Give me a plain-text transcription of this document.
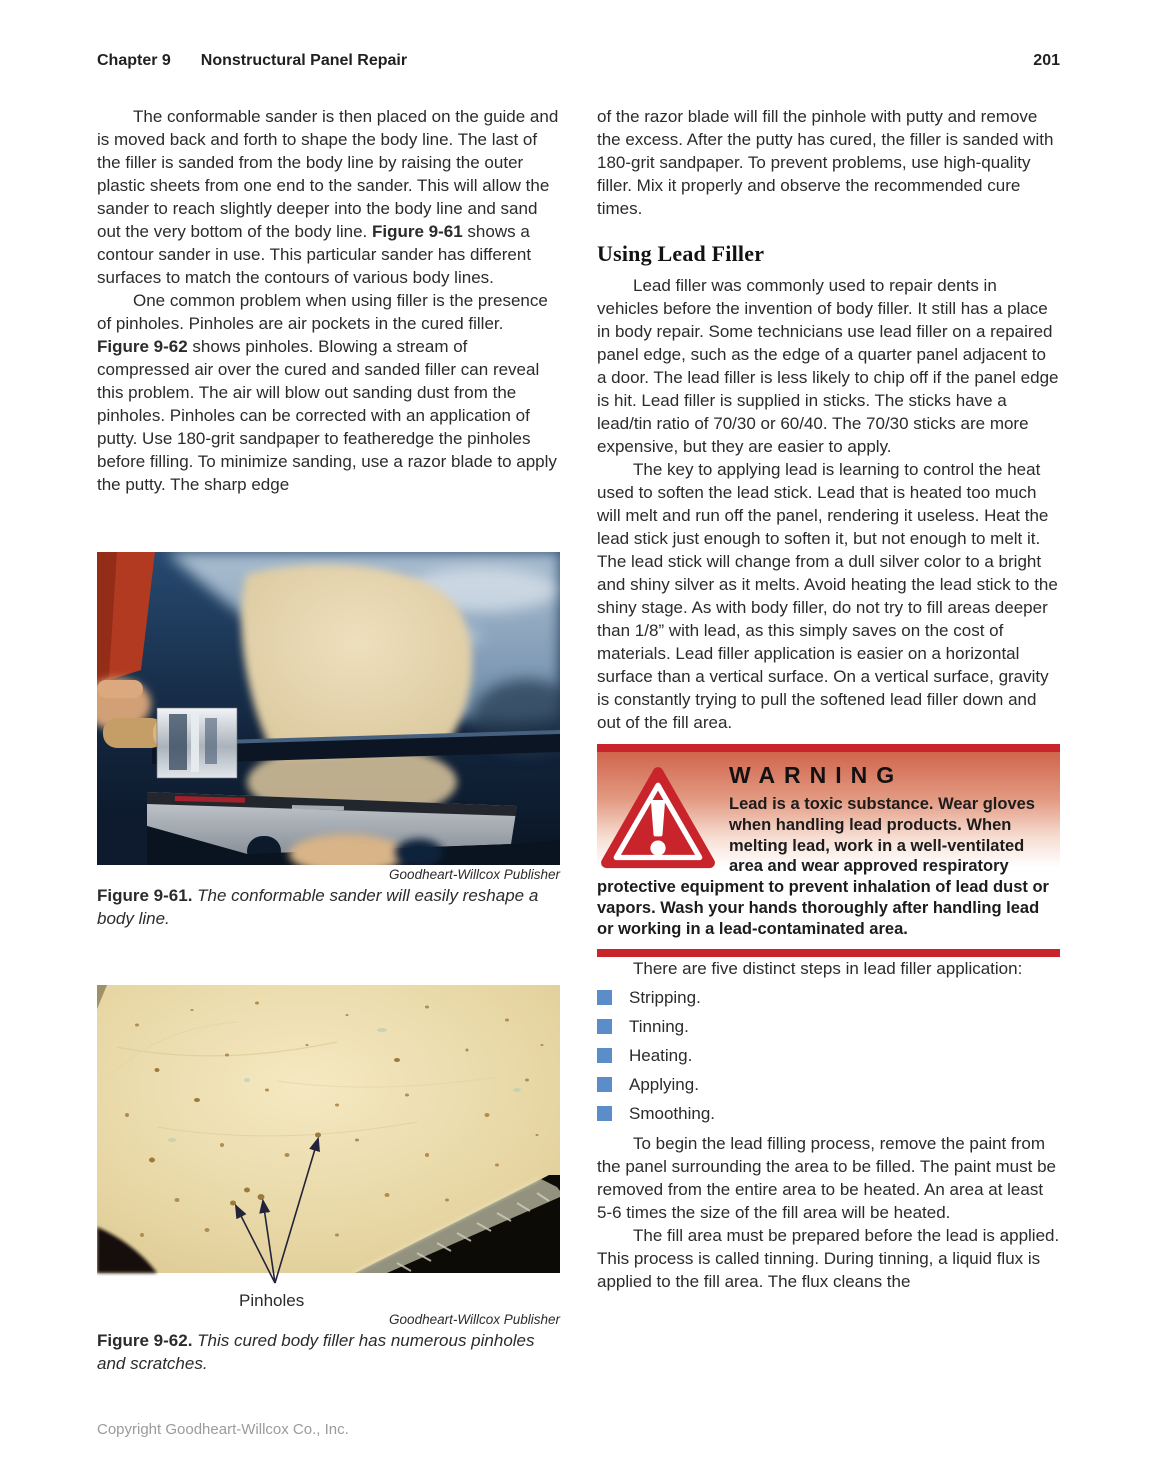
Chapter 9 Nonstructural Panel Repair	201

The conformable sander is then placed on the guide and is moved back and forth to shape the body line. The last of the filler is sanded from the body line by raising the outer plastic sheets from one end to the sander. This will allow the sander to reach slightly deeper into the body line and sand out the very bottom of the body line. Figure 9-61 shows a contour sander in use. This particular sander has different surfaces to match the contours of various body lines.

One common problem when using filler is the presence of pinholes. Pinholes are air pockets in the cured filler. Figure 9-62 shows pinholes. Blowing a stream of compressed air over the cured and sanded filler can reveal this problem. The air will blow out sanding dust from the pinholes. Pinholes can be corrected with an application of putty. Use 180-grit sandpaper to featheredge the pinholes before filling. To minimize sanding, use a razor blade to apply the putty. The sharp edge

Goodheart-Willcox Publisher

Figure 9-61. The conformable sander will easily reshape a body line.

Pinholes
Goodheart-Willcox Publisher

Figure 9-62. This cured body filler has numerous pinholes and scratches.

of the razor blade will fill the pinhole with putty and remove the excess. After the putty has cured, the filler is sanded with 180-grit sandpaper. To prevent problems, use high-quality filler. Mix it properly and observe the recommended cure times.

Using Lead Filler

Lead filler was commonly used to repair dents in vehicles before the invention of body filler. It still has a place in body repair. Some technicians use lead filler on a repaired panel edge, such as the edge of a quarter panel adjacent to a door. The lead filler is less likely to chip off if the panel edge is hit. Lead filler is supplied in sticks. The sticks have a lead/tin ratio of 70/30 or 60/40. The 70/30 sticks are more expensive, but they are easier to apply.

The key to applying lead is learning to control the heat used to soften the lead stick. Lead that is heated too much will melt and run off the panel, rendering it useless. Heat the lead stick just enough to soften it, but not enough to melt it. The lead stick will change from a dull silver color to a bright and shiny silver as it melts. Avoid heating the lead stick to the shiny stage. As with body filler, do not try to fill areas deeper than 1/8” with lead, as this simply saves on the cost of materials. Lead filler application is easier on a horizontal surface than a vertical surface. On a vertical surface, gravity is constantly trying to pull the softened lead filler down and out of the fill area.

WARNING
Lead is a toxic substance. Wear gloves when handling lead products. When melting lead, work in a well-ventilated area and wear approved respiratory protective equipment to prevent inhalation of lead dust or vapors. Wash your hands thoroughly after handling lead or working in a lead-contaminated area.

There are five distinct steps in lead filler application:

Stripping.
Tinning.
Heating.
Applying.
Smoothing.

To begin the lead filling process, remove the paint from the panel surrounding the area to be filled. The paint must be removed from the entire area to be heated. An area at least 5-6 times the size of the fill area will be heated.

The fill area must be prepared before the lead is applied. This process is called tinning. During tinning, a liquid flux is applied to the fill area. The flux cleans the

Copyright Goodheart-Willcox Co., Inc.
